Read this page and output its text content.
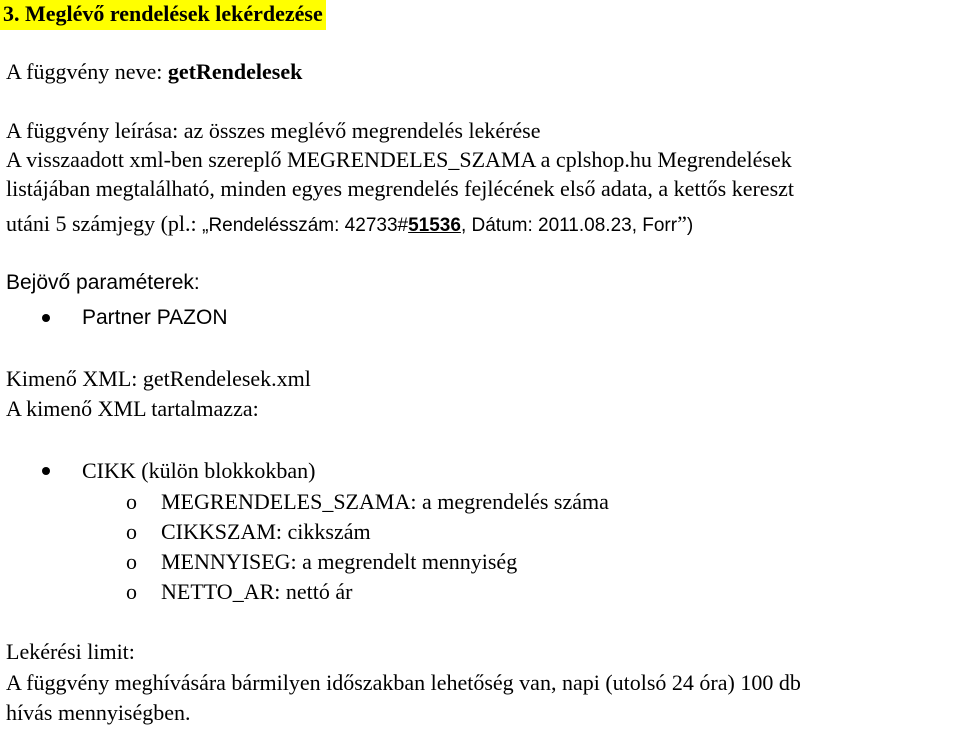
3. Meglévő rendelések lekérdezése
A függvény neve: getRendelesek
A függvény leírása: az összes meglévő megrendelés lekérése
A visszaadott xml-ben szereplő MEGRENDELES_SZAMA a cplshop.hu Megrendelések
listájában megtalálható, minden egyes megrendelés fejlécének első adata, a kettős kereszt
utáni 5 számjegy (pl.: „Rendelésszám: 42733#51536, Dátum: 2011.08.23, Forr”)
Bejövő paraméterek:
Partner PAZON
Kimenő XML: getRendelesek.xml
A kimenő XML tartalmazza:
CIKK (külön blokkokban)
o MEGRENDELES_SZAMA: a megrendelés száma
o CIKKSZAM: cikkszám
o MENNYISEG: a megrendelt mennyiség
o NETTO_AR: nettó ár
Lekérési limit:
A függvény meghívására bármilyen időszakban lehetőség van, napi (utolsó 24 óra) 100 db
hívás mennyiségben.
